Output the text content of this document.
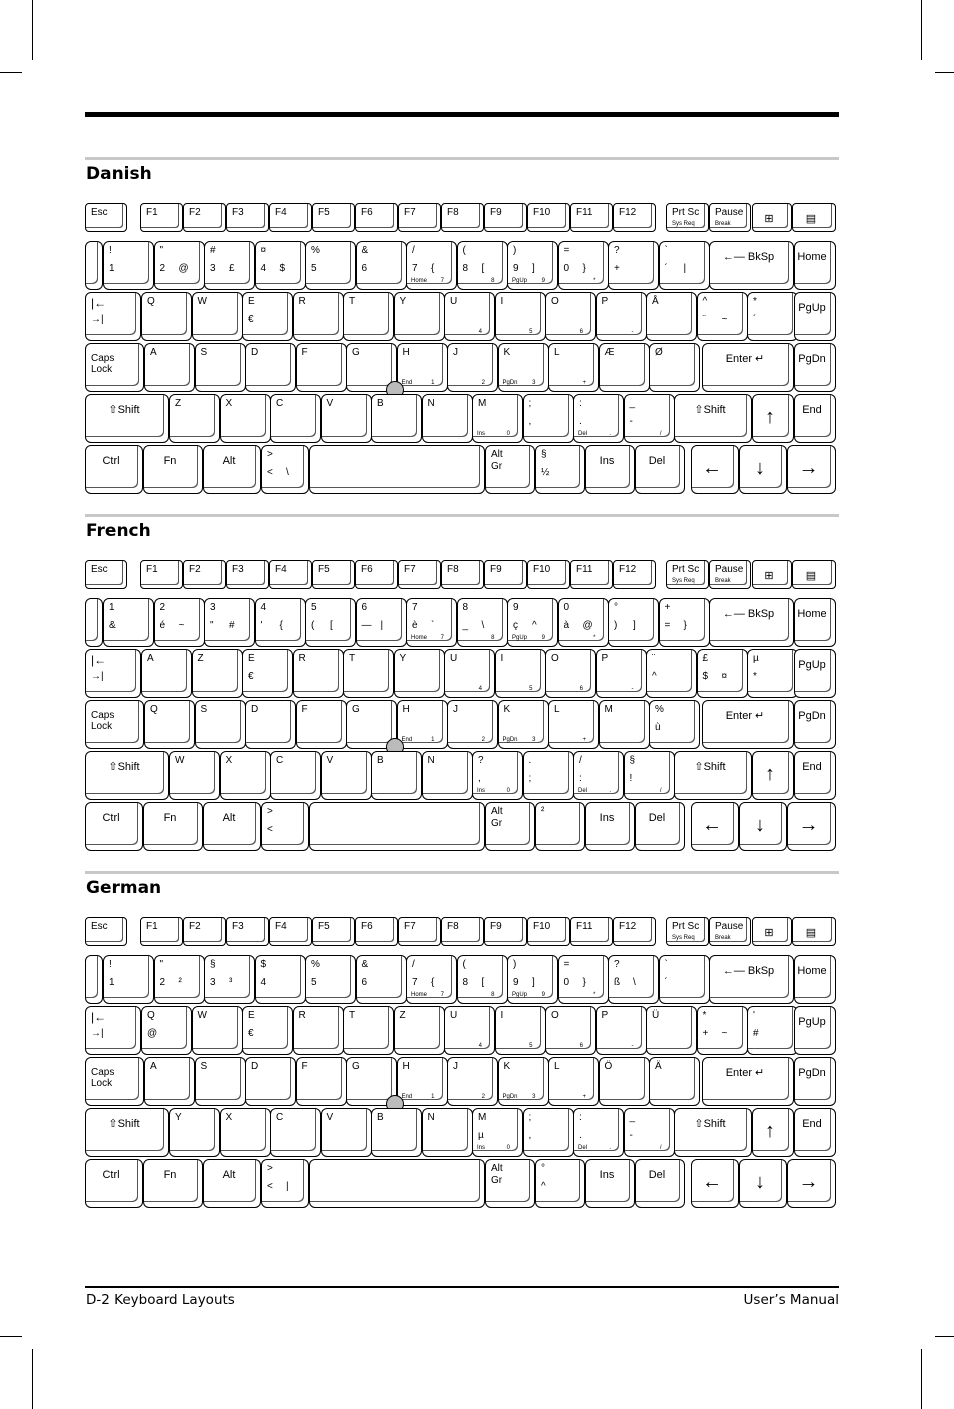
Danish
Esc	F1	F2	F3	F4	F5	F6	F7	F8	F9	F10	F11	F12	Prt Sc
Sys Req
Pause
Break	⊞	▤
!
1
"
2 @
#
3 £
¤
4 $
%
5
&
6
/
7 {
Home 7
(
8 [
8
)
9 ]
PgUp 9
=
0 }
*
?
+
`
´ |
←— BkSp	Home
|←
→|
Q	W	E
€
R	T	Y	U
4
I
5
O
6
P
-
Å	^
¨ ~
*
´
PgUp
Caps
Lock
A	S	D	F	G	H
End	1
J
2
K
PgDn 3
L
+
Æ	Ø
Enter ↵	PgDn
⇧Shift
Z	X	C	V	B	N	M
Ins	0
;
,
:
.
Del	.
_
-
/
⇧Shift	↑	End
Ctrl	Fn	Alt
>
< \
Alt
Gr
§
½
Ins	Del	←	↓	→
French
Esc	F1	F2	F3	F4	F5	F6	F7	F8	F9	F10	F11	F12	Prt Sc
Sys Req
Pause
Break	⊞	▤
1
&
2
é ~
3
" #
4
' {
5
( [
6
— |
7
è `
Home 7
8
_ \
8
9
ç ^
PgUp 9
0
à @
*
°
) ]
+
= }
←— BkSp	Home
|←
→|
A	Z	E
€
R	T	Y	U
4
I
5
O
6
P
-
¨
^
£
$ ¤
µ
*
PgUp
Caps
Lock
Q	S	D	F	G	H
End	1
J
2
K
PgDn 3
L
+
M	%
ù
Enter ↵	PgDn
⇧Shift
W	X	C	V	B	N	?
,
Ins	0
.
;
/
:
Del	.
§
!
/
⇧Shift	↑	End
Ctrl	Fn	Alt
>
<
Alt
Gr
²
Ins	Del	←	↓	→
German
Esc	F1	F2	F3	F4	F5	F6	F7	F8	F9	F10	F11	F12	Prt Sc
Sys Req
Pause
Break	⊞	▤
!
1
"
2 ²
§
3 ³
$
4
%
5
&
6
/
7 {
Home 7
(
8 [
8
)
9 ]
PgUp 9
=
0 }
*
?
ß \
`
´
←— BkSp	Home
|←
→|
Q
@
W	E
€
R	T	Z	U
4
I
5
O
6
P
-
Ü	*
+ ~
'
#
PgUp
Caps
Lock
A	S	D	F	G	H
End	1
J
2
K
PgDn 3
L
+
Ö	Ä
Enter ↵	PgDn
⇧Shift
Y	X	C	V	B	N	M
µ
Ins	0
;
,
:
.
Del	.
_
-
/
⇧Shift	↑	End
Ctrl	Fn	Alt
>
< |
Alt
Gr
°
^
Ins	Del	←	↓	→
D-2 Keyboard Layouts	User’s Manual
